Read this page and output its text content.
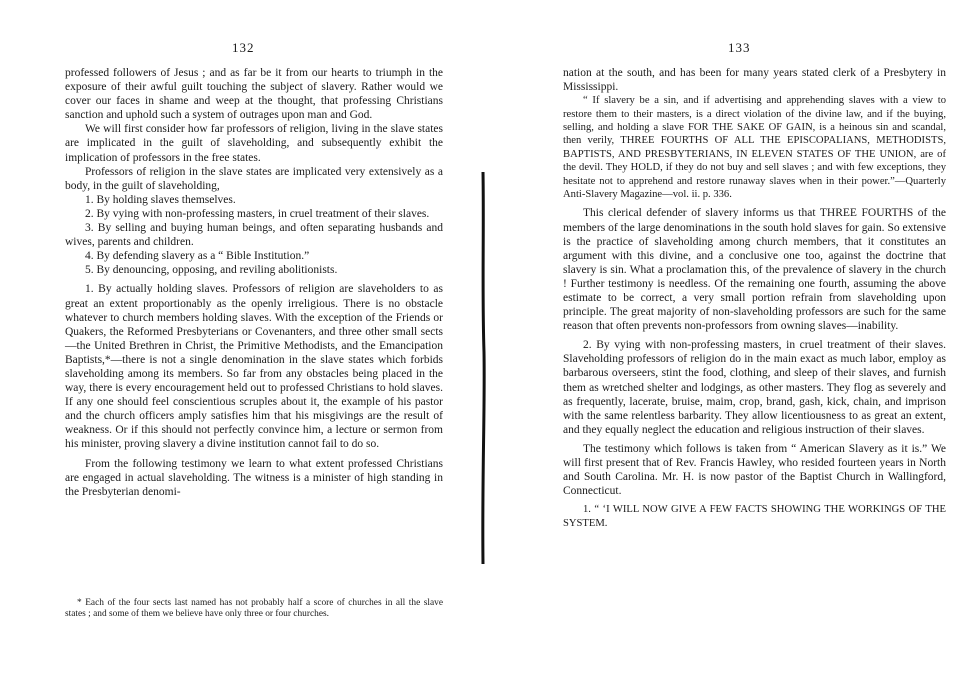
132

professed followers of Jesus ; and as far be it from our hearts to triumph in the exposure of their awful guilt touching the subject of slavery. Rather would we cover our faces in shame and weep at the thought, that professing Christians sanction and uphold such a system of outrages upon man and God.

We will first consider how far professors of religion, living in the slave states are implicated in the guilt of slaveholding, and subsequently exhibit the implication of professors in the free states.

Professors of religion in the slave states are implicated very extensively as a body, in the guilt of slaveholding,

1. By holding slaves themselves.

2. By vying with non-professing masters, in cruel treatment of their slaves.

3. By selling and buying human beings, and often separating husbands and wives, parents and children.

4. By defending slavery as a “ Bible Institution.”

5. By denouncing, opposing, and reviling abolitionists.

1. By actually holding slaves. Professors of religion are slaveholders to as great an extent proportionably as the openly irreligious. There is no obstacle whatever to church members holding slaves. With the exception of the Friends or Quakers, the Reformed Presbyterians or Covenanters, and three other small sects—the United Brethren in Christ, the Primitive Methodists, and the Emancipation Baptists,*—there is not a single denomination in the slave states which forbids slaveholding among its members. So far from any obstacles being placed in the way, there is every encouragement held out to professed Christians to hold slaves. If any one should feel conscientious scruples about it, the example of his pastor and the church officers amply satisfies him that his misgivings are the result of weakness. Or if this should not perfectly convince him, a lecture or sermon from his minister, proving slavery a divine institution cannot fail to do so.

From the following testimony we learn to what extent professed Christians are engaged in actual slaveholding. The witness is a minister of high standing in the Presbyterian denomi-

* Each of the four sects last named has not probably half a score of churches in all the slave states ; and some of them we believe have only three or four churches.
133

nation at the south, and has been for many years stated clerk of a Presbytery in Mississippi.

“ If slavery be a sin, and if advertising and apprehending slaves with a view to restore them to their masters, is a direct violation of the divine law, and if the buying, selling, and holding a slave FOR THE SAKE OF GAIN, is a heinous sin and scandal, then verily, THREE FOURTHS OF ALL THE EPISCOPALIANS, METHODISTS, BAPTISTS, AND PRESBYTERIANS, IN ELEVEN STATES OF THE UNION, are of the devil. They HOLD, if they do not buy and sell slaves ; and with few exceptions, they hesitate not to apprehend and restore runaway slaves when in their power.”—Quarterly Anti-Slavery Magazine—vol. ii. p. 336.

This clerical defender of slavery informs us that THREE FOURTHS of the members of the large denominations in the south hold slaves for gain. So extensive is the practice of slaveholding among church members, that it constitutes an argument with this divine, and a conclusive one too, against the doctrine that slavery is sin. What a proclamation this, of the prevalence of slavery in the church ! Further testimony is needless. Of the remaining one fourth, assuming the above estimate to be correct, a very small portion refrain from slaveholding upon principle. The great majority of non-slaveholding professors are such for the same reason that often prevents non-professors from owning slaves—inability.

2. By vying with non-professing masters, in cruel treatment of their slaves. Slaveholding professors of religion do in the main exact as much labor, employ as barbarous overseers, stint the food, clothing, and sleep of their slaves, and furnish them as wretched shelter and lodgings, as other masters. They flog as severely and as frequently, lacerate, bruise, maim, crop, brand, gash, kick, chain, and imprison with the same relentless barbarity. They allow licentiousness to as great an extent, and they equally neglect the education and religious instruction of their slaves.

The testimony which follows is taken from “ American Slavery as it is.” We will first present that of Rev. Francis Hawley, who resided fourteen years in North and South Carolina. Mr. H. is now pastor of the Baptist Church in Wallingford, Connecticut.

1. “ ‘I WILL NOW GIVE A FEW FACTS SHOWING THE WORKINGS OF THE SYSTEM.
